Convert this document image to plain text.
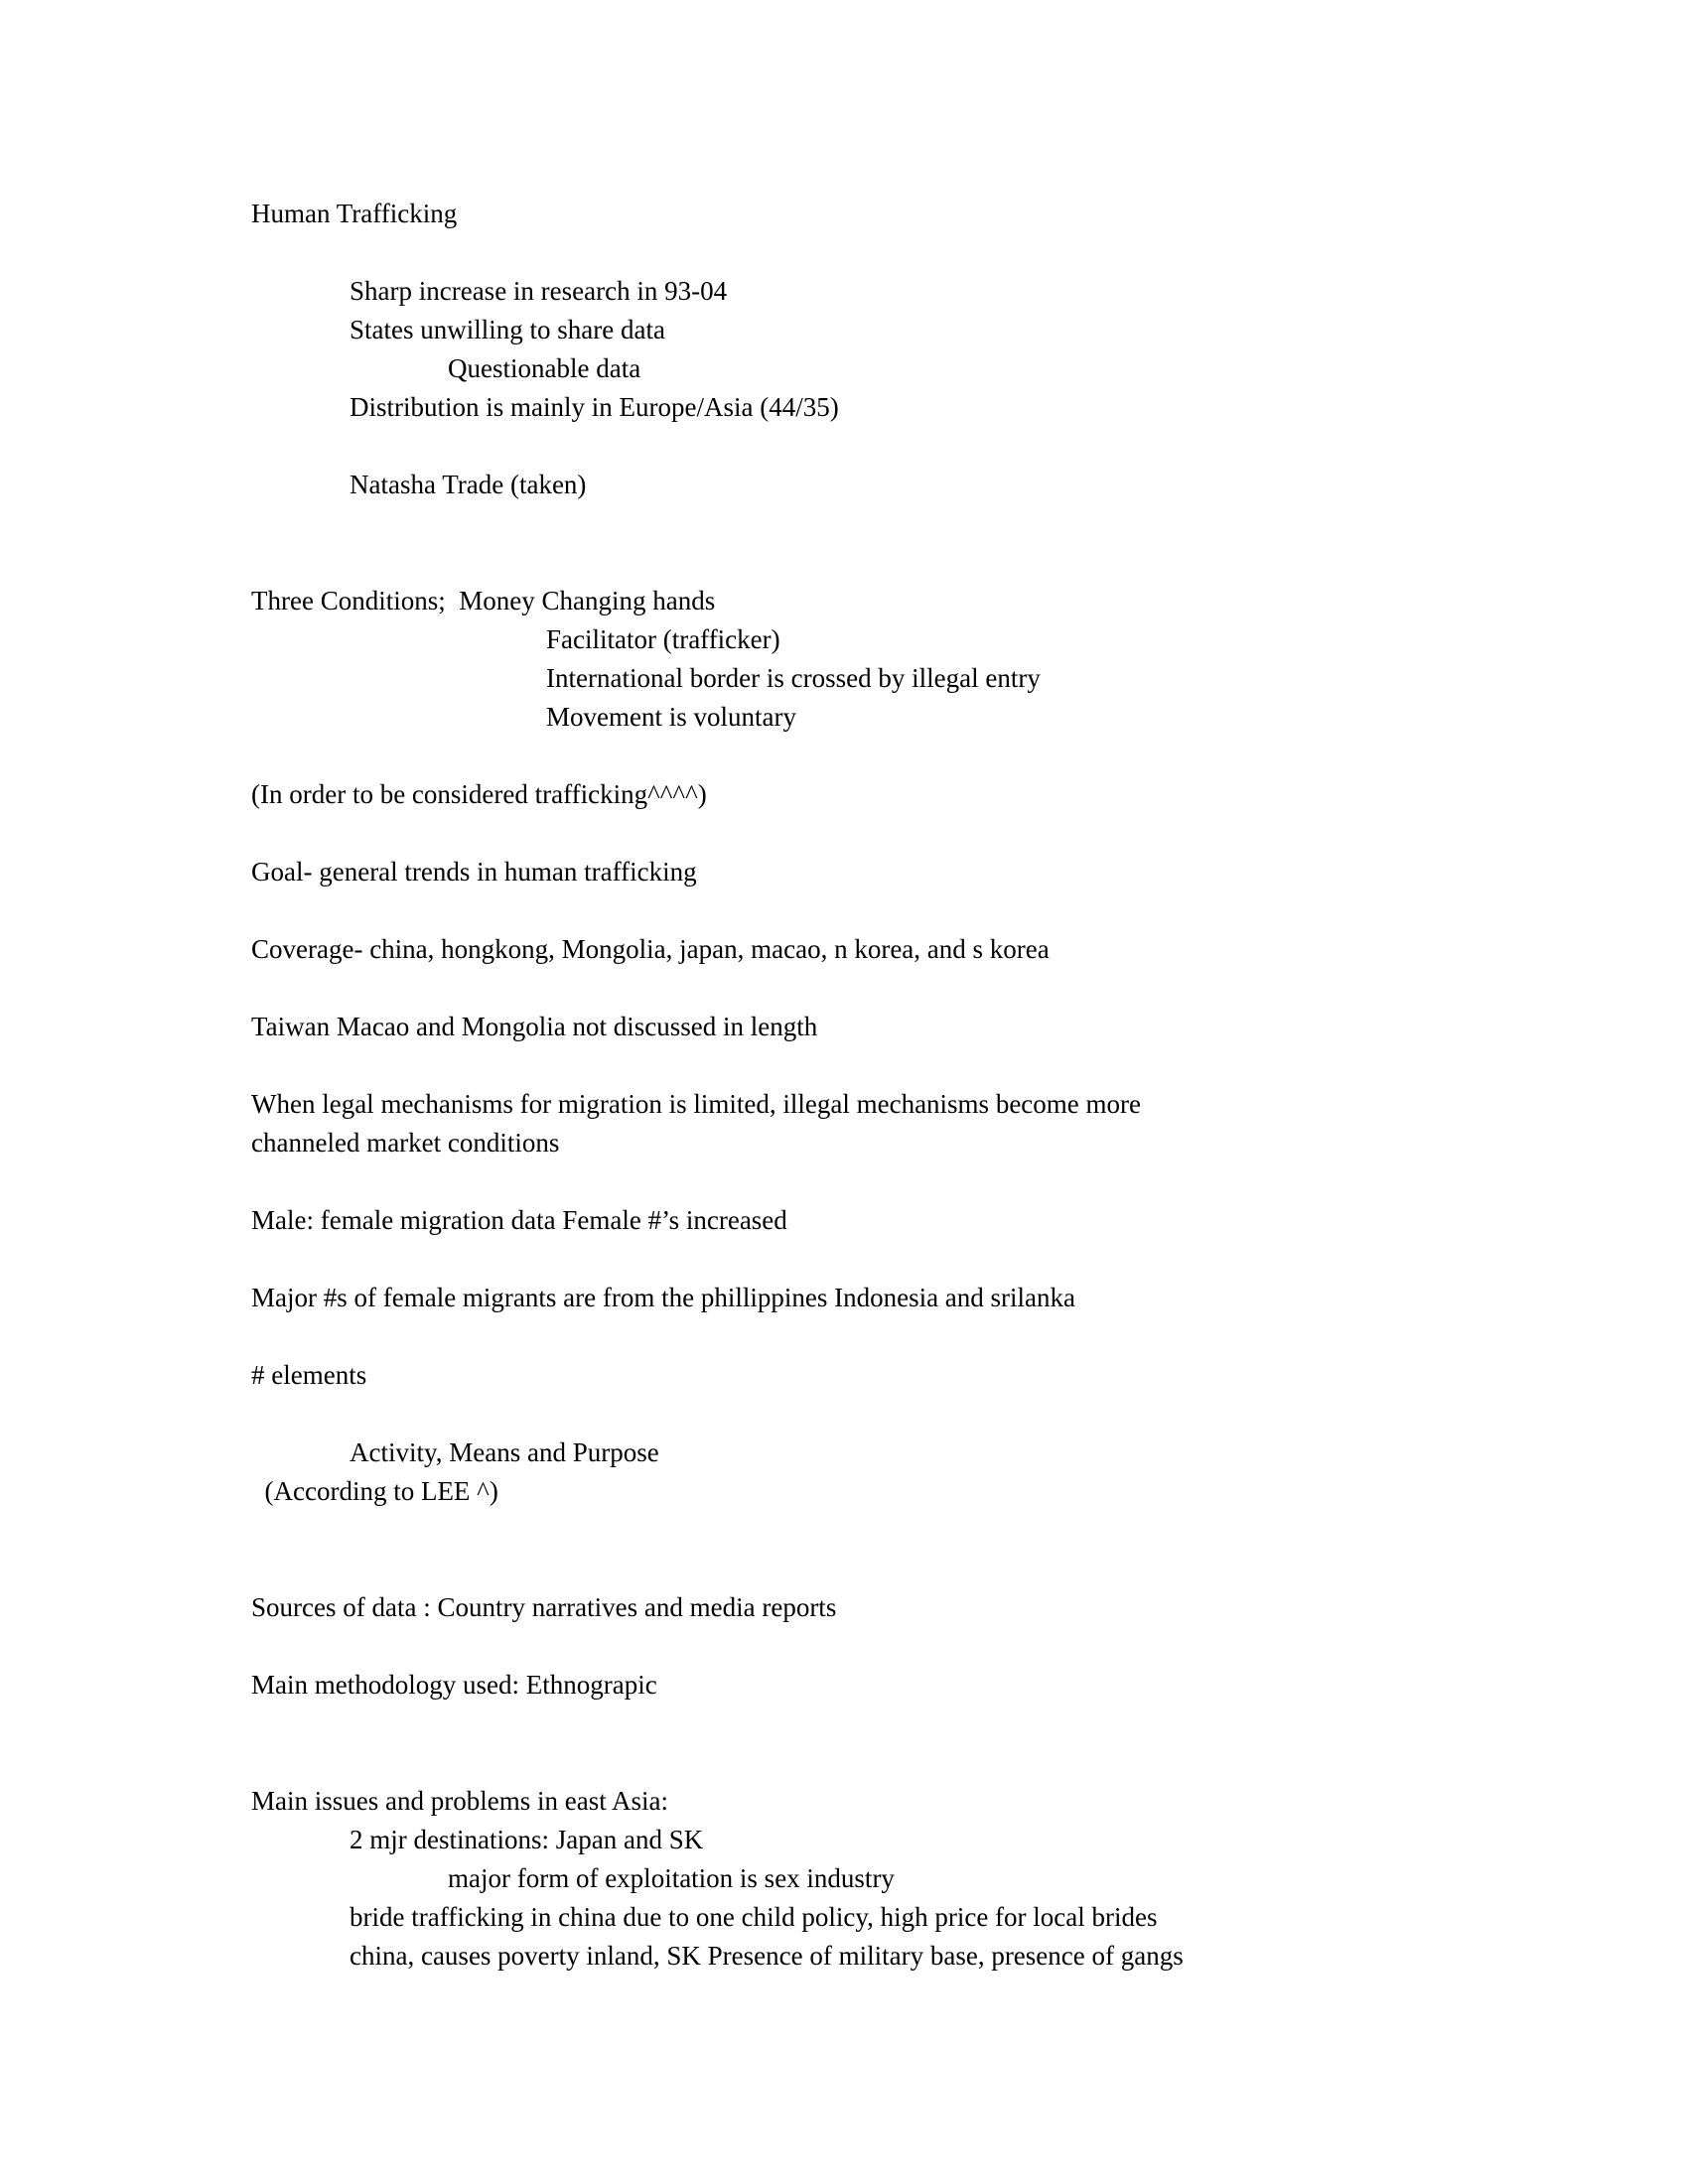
Human Trafficking
Sharp increase in research in 93-04
States unwilling to share data
Questionable data
Distribution is mainly in Europe/Asia (44/35)
Natasha Trade (taken)
Three Conditions;  Money Changing hands
Facilitator (trafficker)
International border is crossed by illegal entry
Movement is voluntary
(In order to be considered trafficking^^^^)
Goal- general trends in human trafficking
Coverage- china, hongkong, Mongolia, japan, macao, n korea, and s korea
Taiwan Macao and Mongolia not discussed in length
When legal mechanisms for migration is limited, illegal mechanisms become more
channeled market conditions
Male: female migration data Female #’s increased
Major #s of female migrants are from the phillippines Indonesia and srilanka
# elements
Activity, Means and Purpose
(According to LEE ^)
Sources of data : Country narratives and media reports
Main methodology used: Ethnograpic
Main issues and problems in east Asia:
2 mjr destinations: Japan and SK
major form of exploitation is sex industry
bride trafficking in china due to one child policy, high price for local brides
china, causes poverty inland, SK Presence of military base, presence of gangs
